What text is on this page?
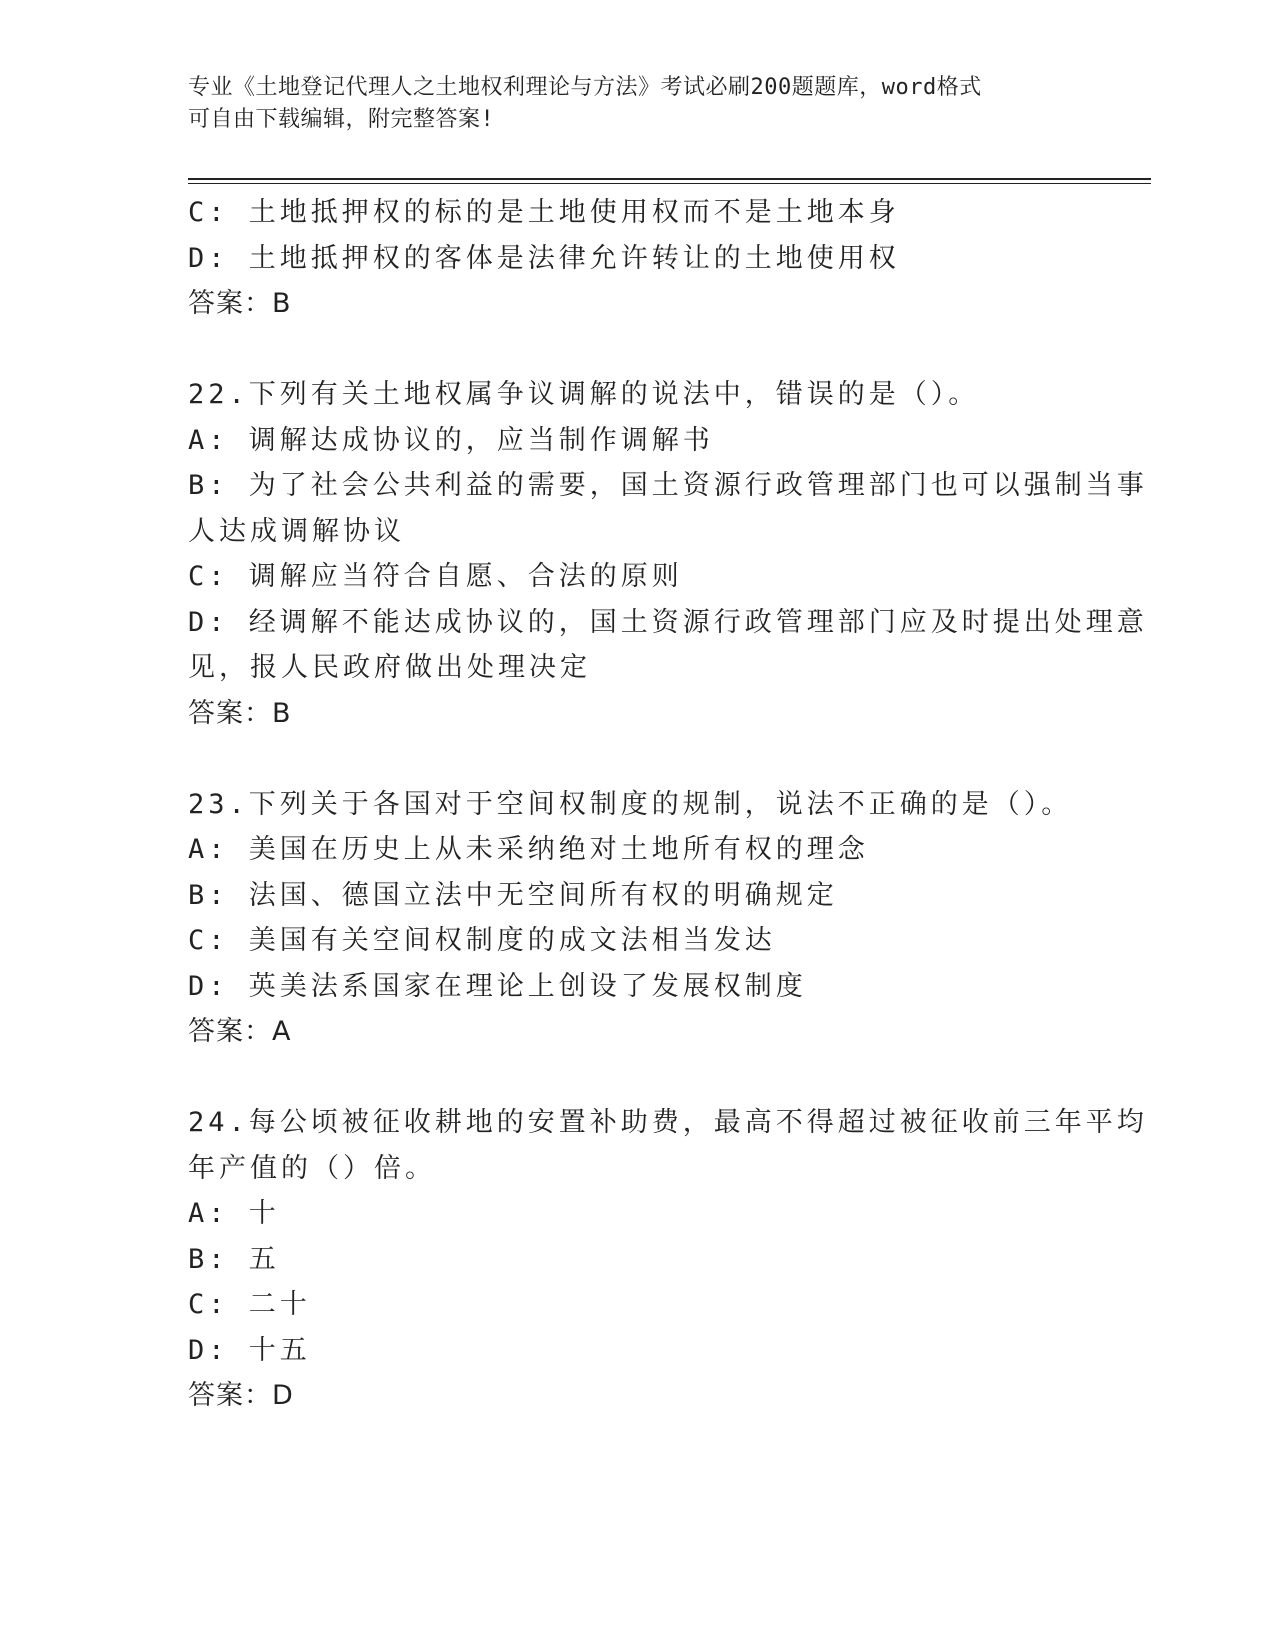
专业《土地登记代理人之土地权利理论与方法》考试必刷200题题库，word格式
可自由下载编辑，附完整答案!
C: 土地抵押权的标的是土地使用权而不是土地本身
D: 土地抵押权的客体是法律允许转让的土地使用权
答案：B
22.下列有关土地权属争议调解的说法中，错误的是（）。
A: 调解达成协议的，应当制作调解书
B: 为了社会公共利益的需要，国土资源行政管理部门也可以强制当事
人达成调解协议
C: 调解应当符合自愿、合法的原则
D: 经调解不能达成协议的，国土资源行政管理部门应及时提出处理意
见，报人民政府做出处理决定
答案：B
23.下列关于各国对于空间权制度的规制，说法不正确的是（）。
A: 美国在历史上从未采纳绝对土地所有权的理念
B: 法国、德国立法中无空间所有权的明确规定
C: 美国有关空间权制度的成文法相当发达
D: 英美法系国家在理论上创设了发展权制度
答案：A
24.每公顷被征收耕地的安置补助费，最高不得超过被征收前三年平均
年产值的（）倍。
A: 十
B: 五
C: 二十
D: 十五
答案：D
